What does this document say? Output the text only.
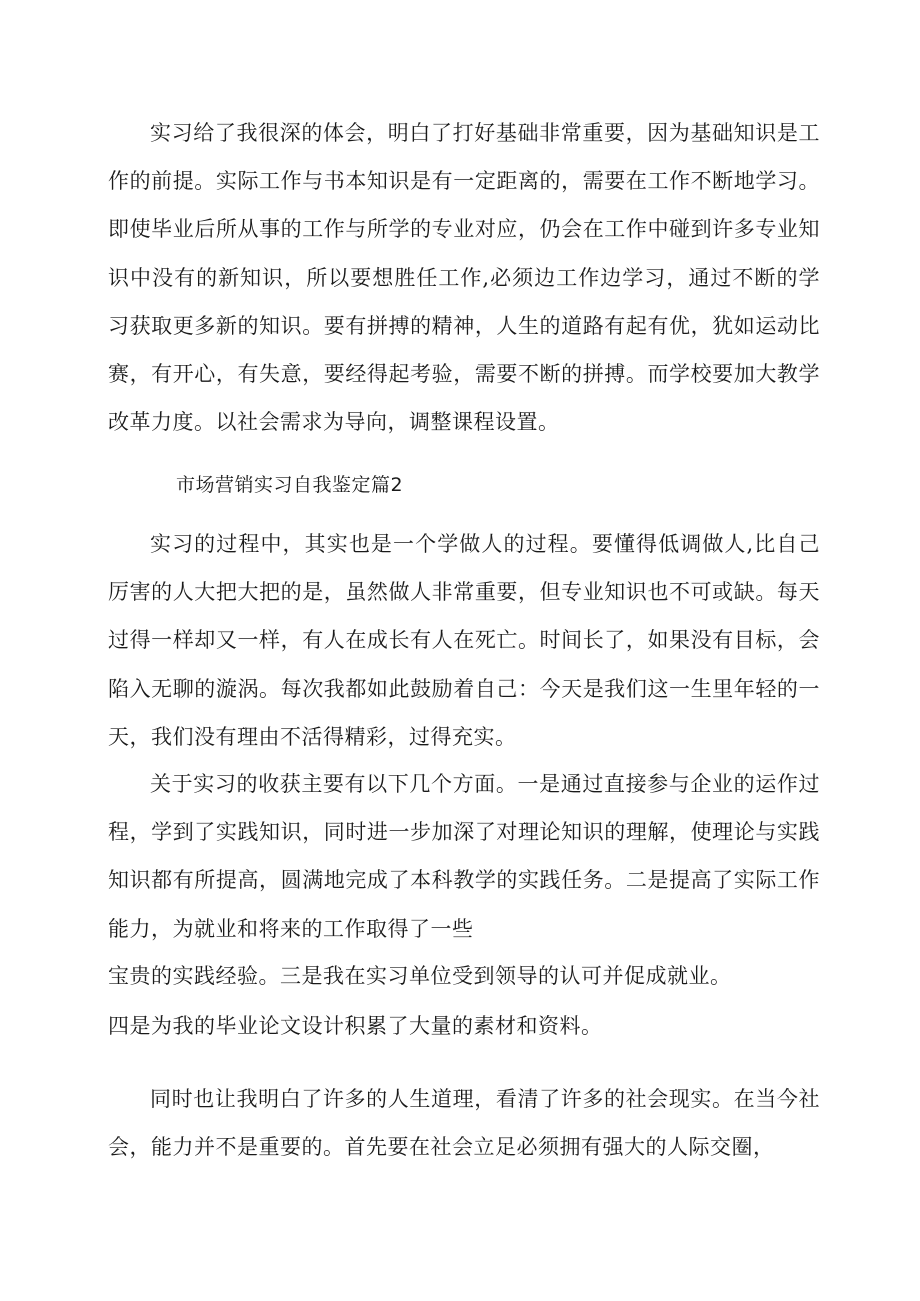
实习给了我很深的体会，明白了打好基础非常重要，因为基础知识是工作的前提。实际工作与书本知识是有一定距离的，需要在工作不断地学习。即使毕业后所从事的工作与所学的专业对应，仍会在工作中碰到许多专业知识中没有的新知识，所以要想胜任工作,必须边工作边学习，通过不断的学习获取更多新的知识。要有拼搏的精神，人生的道路有起有优，犹如运动比赛，有开心，有失意，要经得起考验，需要不断的拼搏。而学校要加大教学改革力度。以社会需求为导向，调整课程设置。

市场营销实习自我鉴定篇2

实习的过程中，其实也是一个学做人的过程。要懂得低调做人,比自己厉害的人大把大把的是，虽然做人非常重要，但专业知识也不可或缺。每天过得一样却又一样，有人在成长有人在死亡。时间长了，如果没有目标，会陷入无聊的漩涡。每次我都如此鼓励着自己：今天是我们这一生里年轻的一天，我们没有理由不活得精彩，过得充实。

关于实习的收获主要有以下几个方面。一是通过直接参与企业的运作过程，学到了实践知识，同时进一步加深了对理论知识的理解，使理论与实践知识都有所提高，圆满地完成了本科教学的实践任务。二是提高了实际工作能力，为就业和将来的工作取得了一些

宝贵的实践经验。三是我在实习单位受到领导的认可并促成就业。

四是为我的毕业论文设计积累了大量的素材和资料。

同时也让我明白了许多的人生道理，看清了许多的社会现实。在当今社会，能力并不是重要的。首先要在社会立足必须拥有强大的人际交圈，
